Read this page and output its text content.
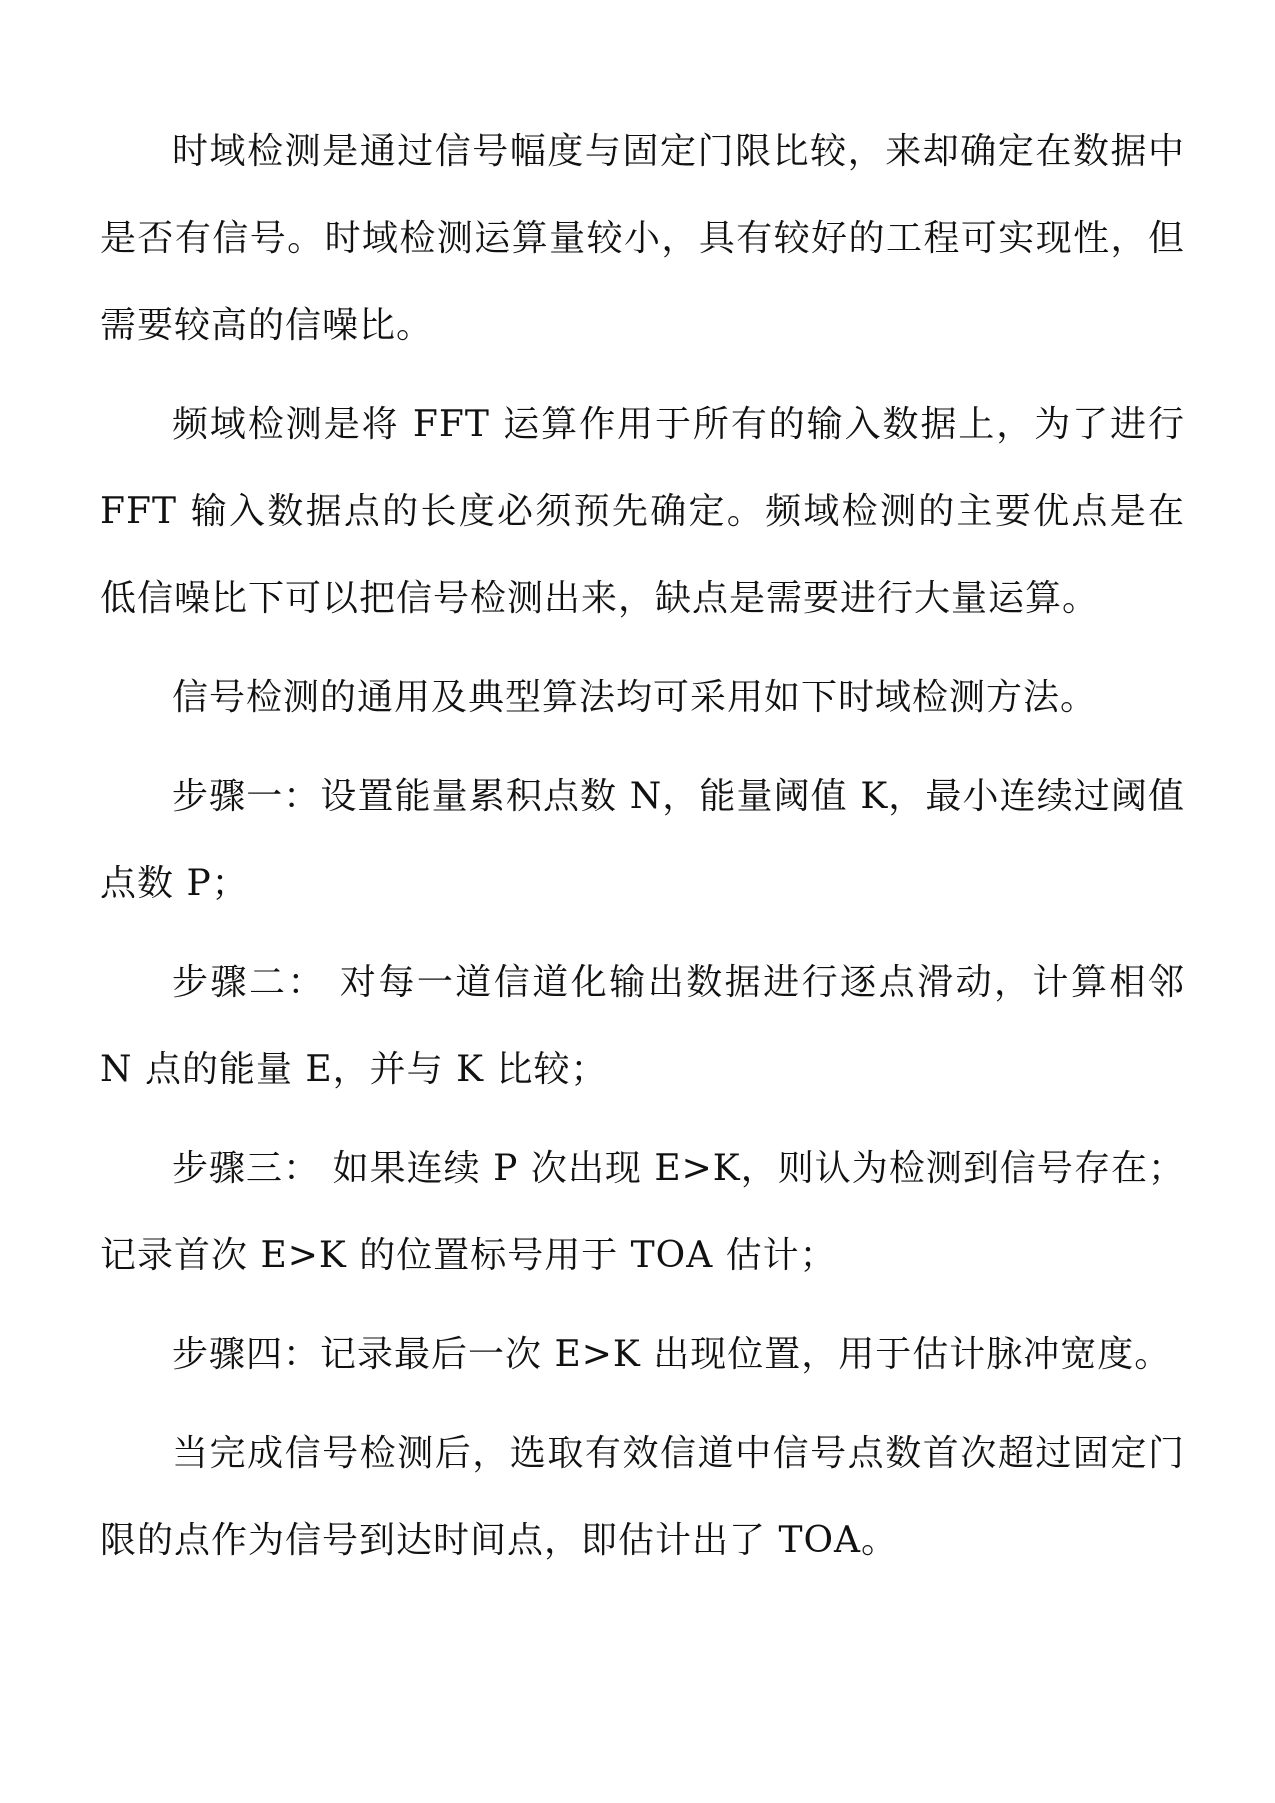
时域检测是通过信号幅度与固定门限比较，来却确定在数据中是否有信号。时域检测运算量较小，具有较好的工程可实现性，但需要较高的信噪比。

频域检测是将 FFT 运算作用于所有的输入数据上，为了进行 FFT 输入数据点的长度必须预先确定。频域检测的主要优点是在低信噪比下可以把信号检测出来，缺点是需要进行大量运算。

信号检测的通用及典型算法均可采用如下时域检测方法。

步骤一：设置能量累积点数 N，能量阈值 K，最小连续过阈值点数 P；

步骤二： 对每一道信道化输出数据进行逐点滑动，计算相邻 N 点的能量 E，并与 K 比较；

步骤三： 如果连续 P 次出现 E>K，则认为检测到信号存在；记录首次 E>K 的位置标号用于 TOA 估计；

步骤四：记录最后一次 E>K 出现位置，用于估计脉冲宽度。

当完成信号检测后，选取有效信道中信号点数首次超过固定门限的点作为信号到达时间点，即估计出了 TOA。
